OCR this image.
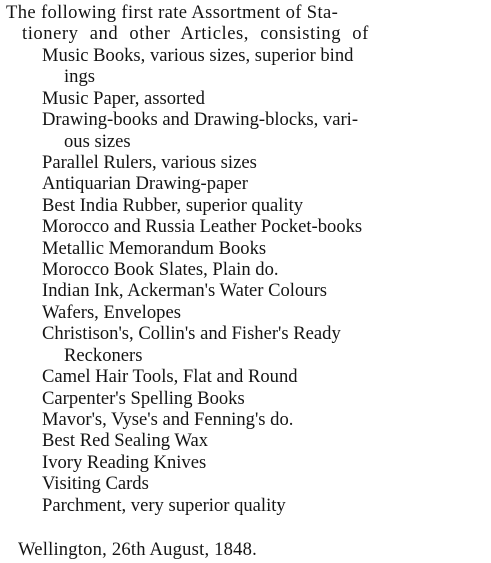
The following first rate Assortment of Sta-
tionery and other Articles, consisting of
Music Books, various sizes, superior bind
ings
Music Paper, assorted
Drawing-books and Drawing-blocks, vari-
ous sizes
Parallel Rulers, various sizes
Antiquarian Drawing-paper
Best India Rubber, superior quality
Morocco and Russia Leather Pocket-books
Metallic Memorandum Books
Morocco Book Slates, Plain do.
Indian Ink, Ackerman's Water Colours
Wafers, Envelopes
Christison's, Collin's and Fisher's Ready
Reckoners
Camel Hair Tools, Flat and Round
Carpenter's Spelling Books
Mavor's, Vyse's and Fenning's do.
Best Red Sealing Wax
Ivory Reading Knives
Visiting Cards
Parchment, very superior quality
Wellington, 26th August, 1848.
